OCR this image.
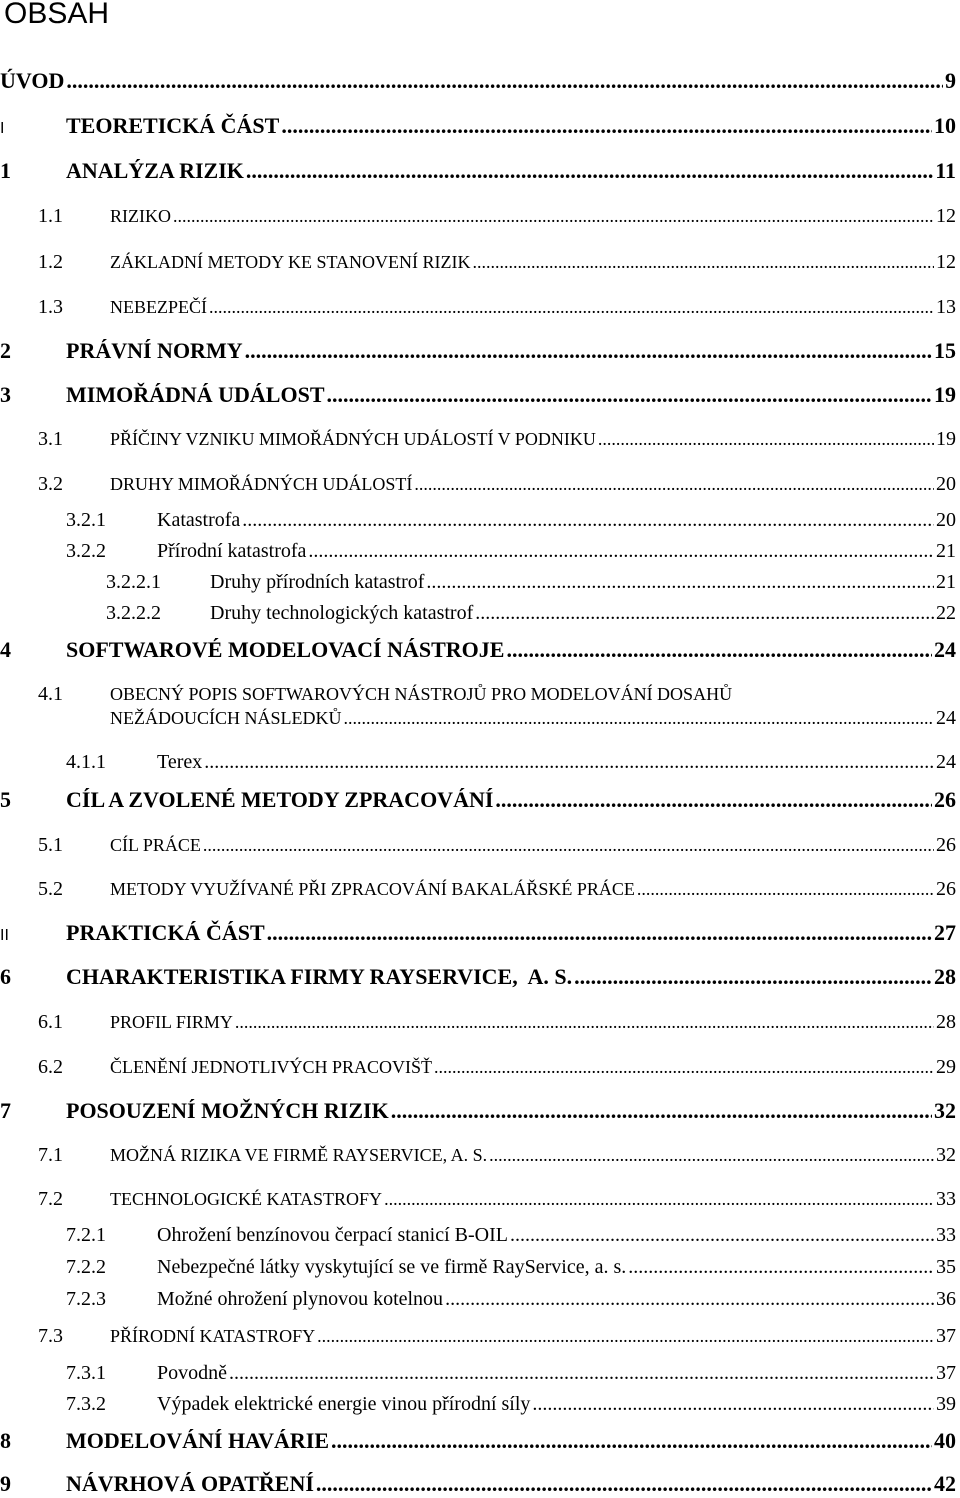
OBSAH
ÚVOD .....	9
I	TEORETICKÁ ČÁST .....	10
1	ANALÝZA RIZIK .....	11
1.1	RIZIKO .....	12
1.2	ZÁKLADNÍ METODY KE STANOVENÍ RIZIK .....	12
1.3	NEBEZPEČÍ .....	13
2	PRÁVNÍ NORMY .....	15
3	MIMOŘÁDNÁ UDÁLOST .....	19
3.1	PŘÍČINY VZNIKU MIMOŘÁDNÝCH UDÁLOSTÍ V PODNIKU .....	19
3.2	DRUHY MIMOŘÁDNÝCH UDÁLOSTÍ .....	20
3.2.1	Katastrofa .....	20
3.2.2	Přírodní katastrofa .....	21
3.2.2.1	Druhy přírodních katastrof .....	21
3.2.2.2	Druhy technologických katastrof .....	22
4	SOFTWAROVÉ MODELOVACÍ NÁSTROJE .....	24
4.1	OBECNÝ POPIS SOFTWAROVÝCH NÁSTROJŮ PRO MODELOVÁNÍ DOSAHŮ
NEŽÁDOUCÍCH NÁSLEDKŮ .....	24
4.1.1	Terex .....	24
5	CÍL A ZVOLENÉ METODY ZPRACOVÁNÍ .....	26
5.1	CÍL PRÁCE .....	26
5.2	METODY VYUŽÍVANÉ PŘI ZPRACOVÁNÍ BAKALÁŘSKÉ PRÁCE .....	26
II	PRAKTICKÁ ČÁST .....	27
6	CHARAKTERISTIKA FIRMY RAYSERVICE,  A. S. .....	28
6.1	PROFIL FIRMY .....	28
6.2	ČLENĚNÍ JEDNOTLIVÝCH PRACOVIŠŤ .....	29
7	POSOUZENÍ MOŽNÝCH RIZIK .....	32
7.1	MOŽNÁ RIZIKA VE FIRMĚ RAYSERVICE, A. S. .....	32
7.2	TECHNOLOGICKÉ KATASTROFY .....	33
7.2.1	Ohrožení benzínovou čerpací stanicí B-OIL .....	33
7.2.2	Nebezpečné látky vyskytující se ve firmě RayService, a. s. .....	35
7.2.3	Možné ohrožení plynovou kotelnou .....	36
7.3	PŘÍRODNÍ KATASTROFY .....	37
7.3.1	Povodně .....	37
7.3.2	Výpadek elektrické energie vinou přírodní síly .....	39
8	MODELOVÁNÍ HAVÁRIE .....	40
9	NÁVRHOVÁ OPATŘENÍ .....	42
